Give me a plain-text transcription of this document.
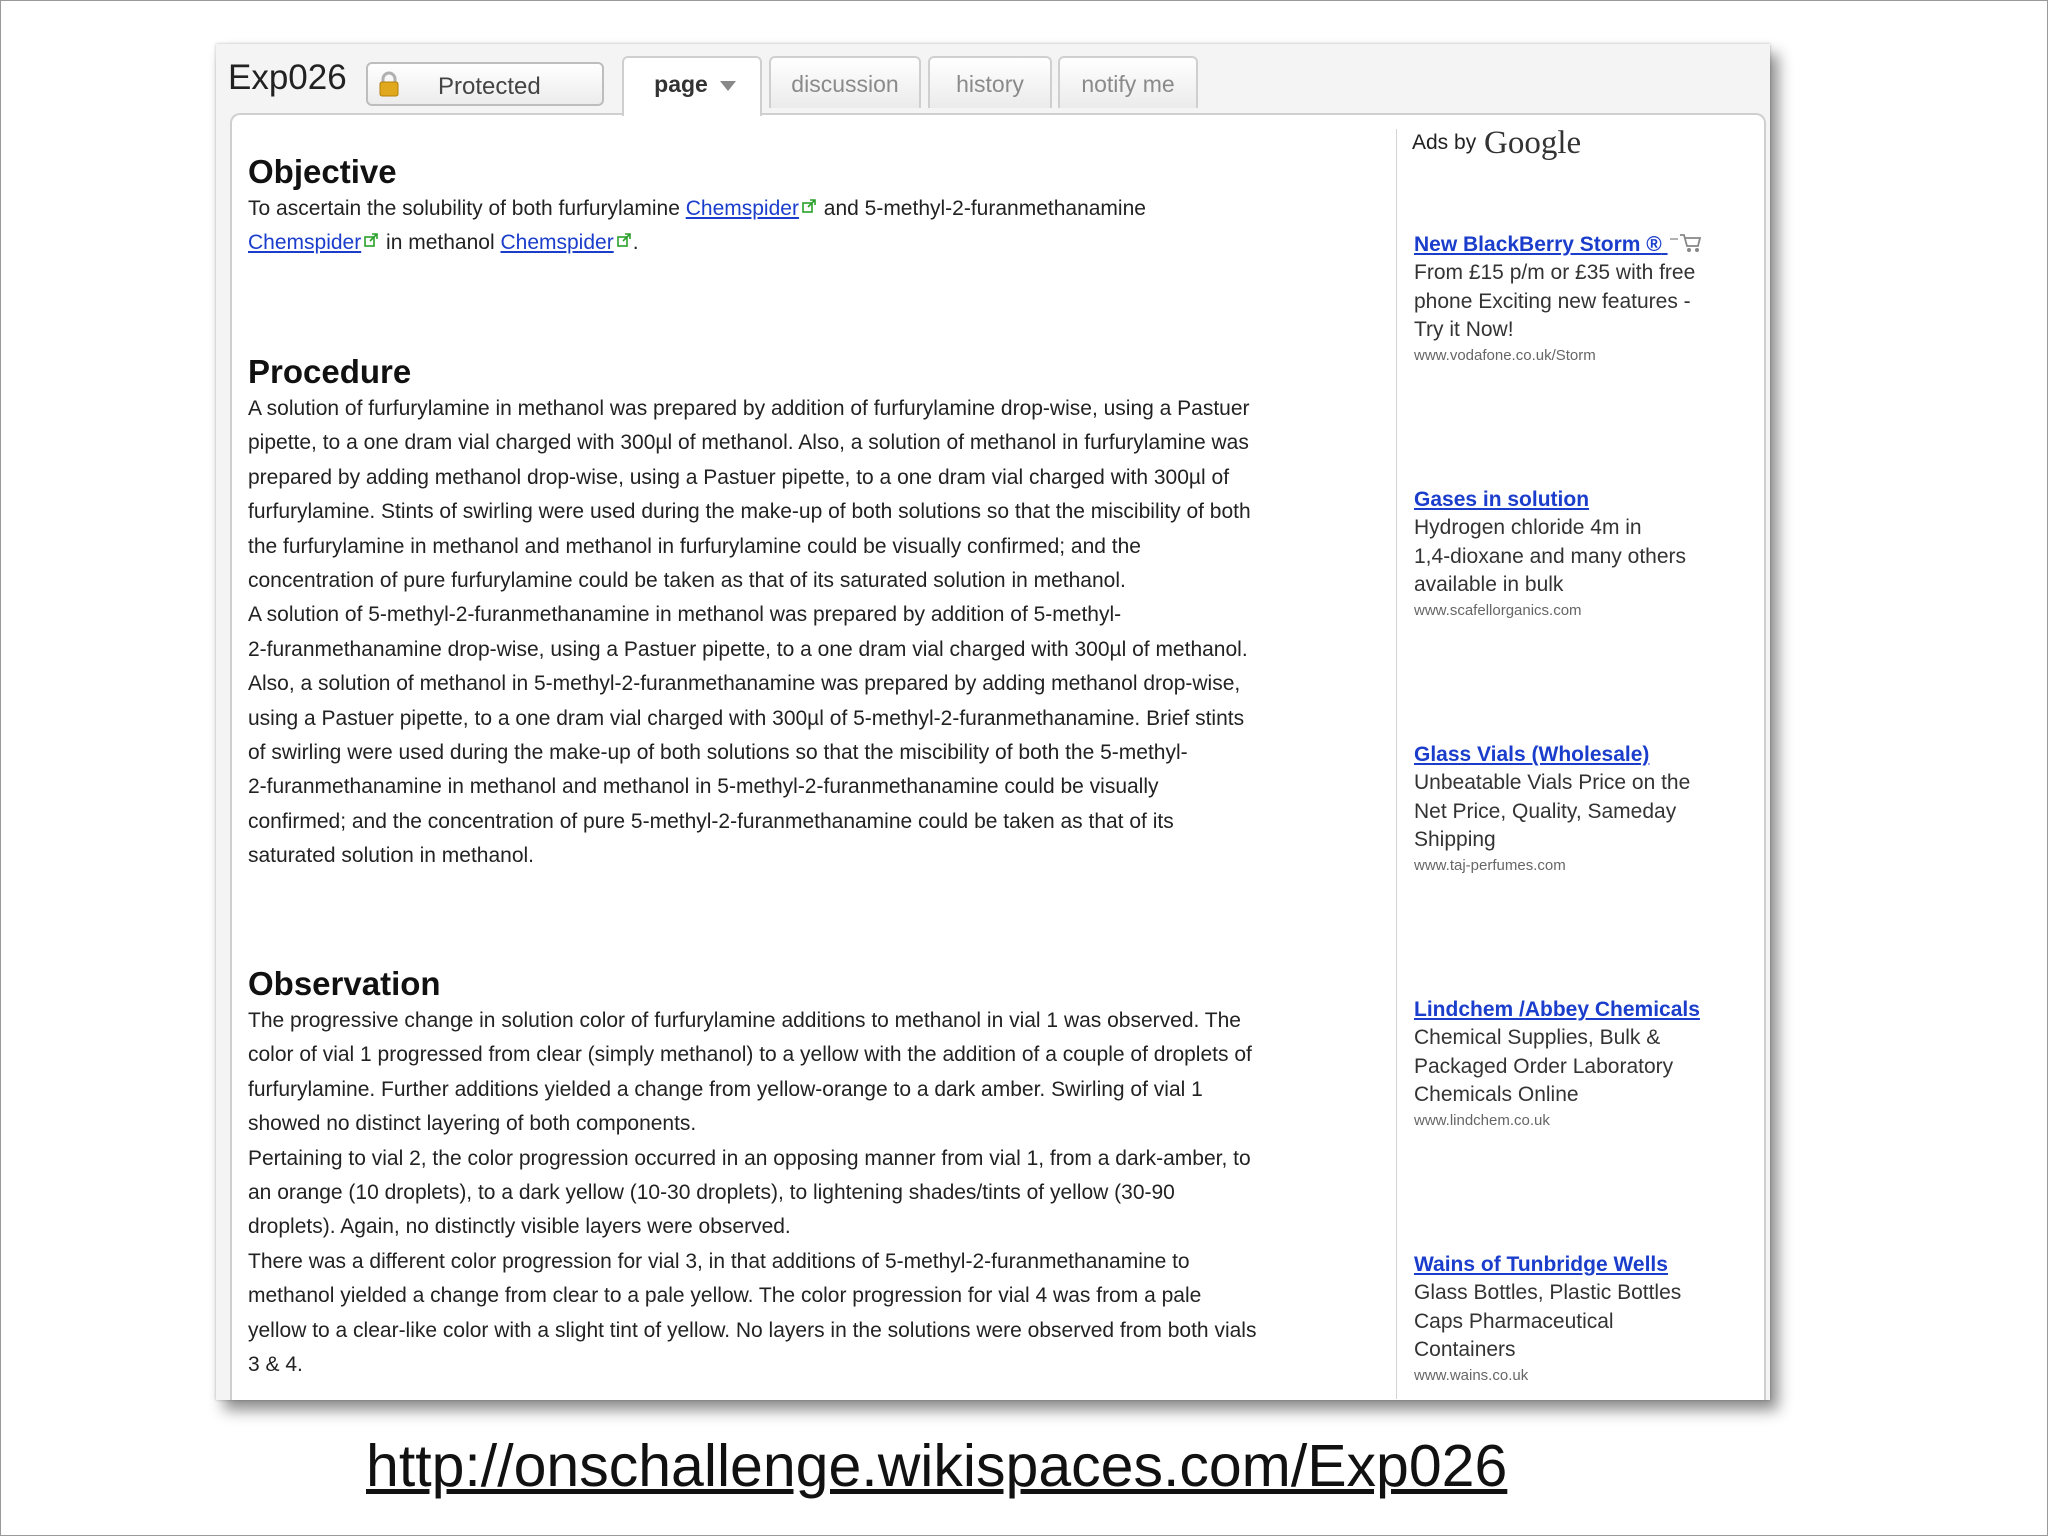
Exp026	Protected	page	discussion	history	notify me
Objective
To ascertain the solubility of both furfurylamine Chemspider and 5-methyl-2-furanmethanamine
Chemspider in methanol Chemspider .
Procedure
A solution of furfurylamine in methanol was prepared by addition of furfurylamine drop-wise, using a Pastuer
pipette, to a one dram vial charged with 300µl of methanol. Also, a solution of methanol in furfurylamine was
prepared by adding methanol drop-wise, using a Pastuer pipette, to a one dram vial charged with 300µl of
furfurylamine. Stints of swirling were used during the make-up of both solutions so that the miscibility of both
the furfurylamine in methanol and methanol in furfurylamine could be visually confirmed; and the
concentration of pure furfurylamine could be taken as that of its saturated solution in methanol.
A solution of 5-methyl-2-furanmethanamine in methanol was prepared by addition of 5-methyl-
2-furanmethanamine drop-wise, using a Pastuer pipette, to a one dram vial charged with 300µl of methanol.
Also, a solution of methanol in 5-methyl-2-furanmethanamine was prepared by adding methanol drop-wise,
using a Pastuer pipette, to a one dram vial charged with 300µl of 5-methyl-2-furanmethanamine. Brief stints
of swirling were used during the make-up of both solutions so that the miscibility of both the 5-methyl-
2-furanmethanamine in methanol and methanol in 5-methyl-2-furanmethanamine could be visually
confirmed; and the concentration of pure 5-methyl-2-furanmethanamine could be taken as that of its
saturated solution in methanol.
Observation
The progressive change in solution color of furfurylamine additions to methanol in vial 1 was observed. The
color of vial 1 progressed from clear (simply methanol) to a yellow with the addition of a couple of droplets of
furfurylamine. Further additions yielded a change from yellow-orange to a dark amber. Swirling of vial 1
showed no distinct layering of both components.
Pertaining to vial 2, the color progression occurred in an opposing manner from vial 1, from a dark-amber, to
an orange (10 droplets), to a dark yellow (10-30 droplets), to lightening shades/tints of yellow (30-90
droplets). Again, no distinctly visible layers were observed.
There was a different color progression for vial 3, in that additions of 5-methyl-2-furanmethanamine to
methanol yielded a change from clear to a pale yellow. The color progression for vial 4 was from a pale
yellow to a clear-like color with a slight tint of yellow. No layers in the solutions were observed from both vials
3 & 4.
Ads by Google
New BlackBerry Storm ®
From £15 p/m or £35 with free
phone Exciting new features -
Try it Now!
www.vodafone.co.uk/Storm
Gases in solution
Hydrogen chloride 4m in
1,4-dioxane and many others
available in bulk
www.scafellorganics.com
Glass Vials (Wholesale)
Unbeatable Vials Price on the
Net Price, Quality, Sameday
Shipping
www.taj-perfumes.com
Lindchem /Abbey Chemicals
Chemical Supplies, Bulk &
Packaged Order Laboratory
Chemicals Online
www.lindchem.co.uk
Wains of Tunbridge Wells
Glass Bottles, Plastic Bottles
Caps Pharmaceutical
Containers
www.wains.co.uk
http://onschallenge.wikispaces.com/Exp026
